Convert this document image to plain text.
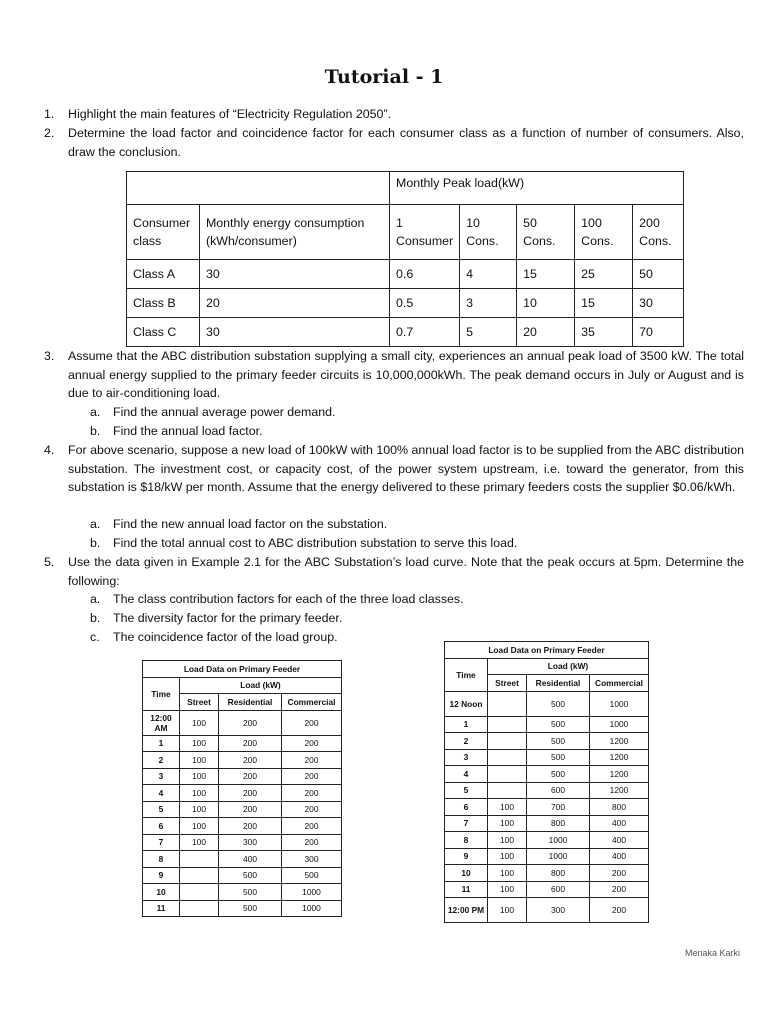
Tutorial - 1
1. Highlight the main features of “Electricity Regulation 2050”.
2. Determine the load factor and coincidence factor for each consumer class as a function of number of consumers. Also, draw the conclusion.
		Monthly Peak load(kW)				
Consumer class	Monthly energy consumption (kWh/consumer)	1 Consumer	10 Cons.	50 Cons.	100 Cons.	200 Cons.
Class A	30	0.6	4	15	25	50
Class B	20	0.5	3	10	15	30
Class C	30	0.7	5	20	35	70
3. Assume that the ABC distribution substation supplying a small city, experiences an annual peak load of 3500 kW. The total annual energy supplied to the primary feeder circuits is 10,000,000kWh. The peak demand occurs in July or August and is due to air-conditioning load.
a. Find the annual average power demand.
b. Find the annual load factor.
4. For above scenario, suppose a new load of 100kW with 100% annual load factor is to be supplied from the ABC distribution substation. The investment cost, or capacity cost, of the power system upstream, i.e. toward the generator, from this substation is $18/kW per month. Assume that the energy delivered to these primary feeders costs the supplier $0.06/kWh.
a. Find the new annual load factor on the substation.
b. Find the total annual cost to ABC distribution substation to serve this load.
5. Use the data given in Example 2.1 for the ABC Substation’s load curve. Note that the peak occurs at 5pm. Determine the following:
a. The class contribution factors for each of the three load classes.
b. The diversity factor for the primary feeder.
c. The coincidence factor of the load group.
Load Data on Primary Feeder			
Time	Load (kW)		
	Street	Residential	Commercial
12:00 AM	100	200	200
1	100	200	200
2	100	200	200
3	100	200	200
4	100	200	200
5	100	200	200
6	100	200	200
7	100	300	200
8		400	300
9		500	500
10		500	1000
11		500	1000
Load Data on Primary Feeder			
Time	Load (kW)		
	Street	Residential	Commercial
12 Noon		500	1000
1		500	1000
2		500	1200
3		500	1200
4		500	1200
5		600	1200
6	100	700	800
7	100	800	400
8	100	1000	400
9	100	1000	400
10	100	800	200
11	100	600	200
12:00 PM	100	300	200
Menaka Karki
